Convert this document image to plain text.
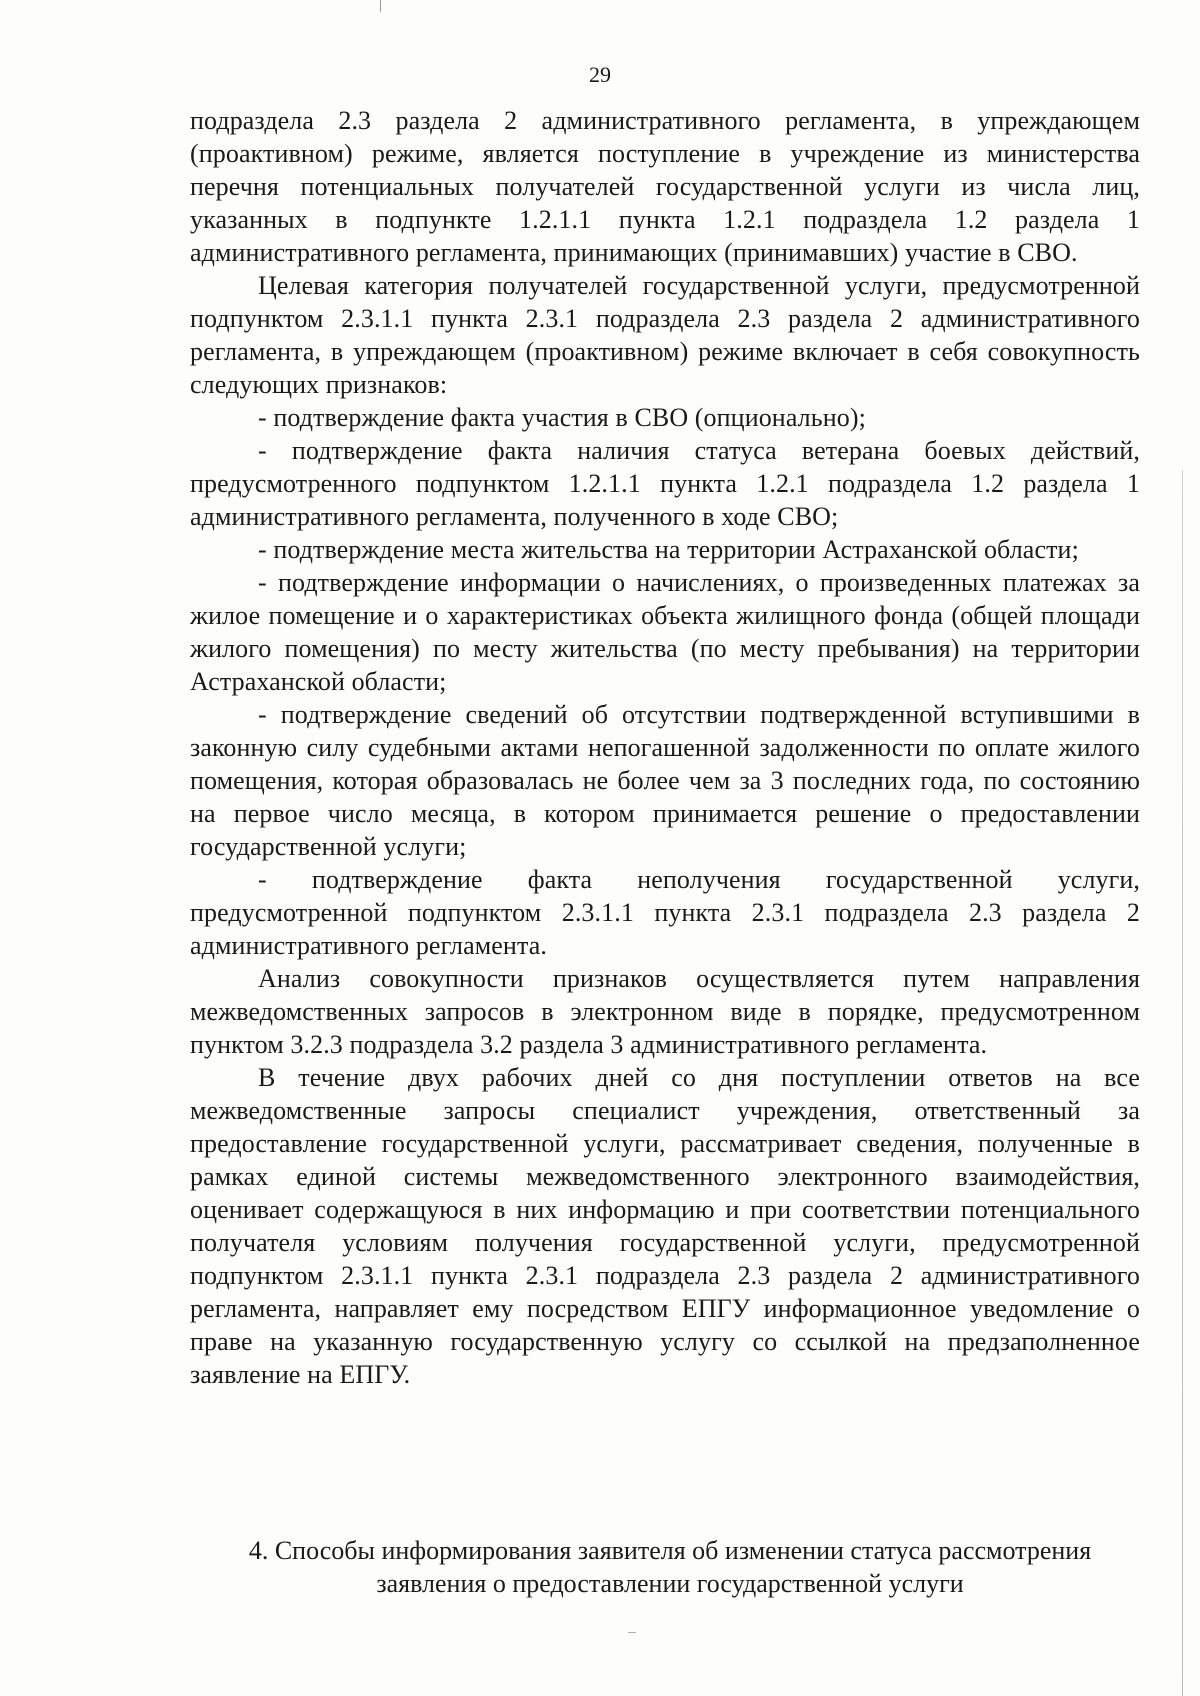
29

подраздела 2.3 раздела 2 административного регламента, в упреждающем (проактивном) режиме, является поступление в учреждение из министерства перечня потенциальных получателей государственной услуги из числа лиц, указанных в подпункте 1.2.1.1 пункта 1.2.1 подраздела 1.2 раздела 1 административного регламента, принимающих (принимавших) участие в СВО.

Целевая категория получателей государственной услуги, предусмотренной подпунктом 2.3.1.1 пункта 2.3.1 подраздела 2.3 раздела 2 административного регламента, в упреждающем (проактивном) режиме включает в себя совокупность следующих признаков:

- подтверждение факта участия в СВО (опционально);

- подтверждение факта наличия статуса ветерана боевых действий, предусмотренного подпунктом 1.2.1.1 пункта 1.2.1 подраздела 1.2 раздела 1 административного регламента, полученного в ходе СВО;

- подтверждение места жительства на территории Астраханской области;

- подтверждение информации о начислениях, о произведенных платежах за жилое помещение и о характеристиках объекта жилищного фонда (общей площади жилого помещения) по месту жительства (по месту пребывания) на территории Астраханской области;

- подтверждение сведений об отсутствии подтвержденной вступившими в законную силу судебными актами непогашенной задолженности по оплате жилого помещения, которая образовалась не более чем за 3 последних года, по состоянию на первое число месяца, в котором принимается решение о предоставлении государственной услуги;

- подтверждение факта неполучения государственной услуги, предусмотренной подпунктом 2.3.1.1 пункта 2.3.1 подраздела 2.3 раздела 2 административного регламента.

Анализ совокупности признаков осуществляется путем направления межведомственных запросов в электронном виде в порядке, предусмотренном пунктом 3.2.3 подраздела 3.2 раздела 3 административного регламента.

В течение двух рабочих дней со дня поступлении ответов на все межведомственные запросы специалист учреждения, ответственный за предоставление государственной услуги, рассматривает сведения, полученные в рамках единой системы межведомственного электронного взаимодействия, оценивает содержащуюся в них информацию и при соответствии потенциального получателя условиям получения государственной услуги, предусмотренной подпунктом 2.3.1.1 пункта 2.3.1 подраздела 2.3 раздела 2 административного регламента, направляет ему посредством ЕПГУ информационное уведомление о праве на указанную государственную услугу со ссылкой на предзаполненное заявление на ЕПГУ.

4. Способы информирования заявителя об изменении статуса рассмотрения
заявления о предоставлении государственной услуги
